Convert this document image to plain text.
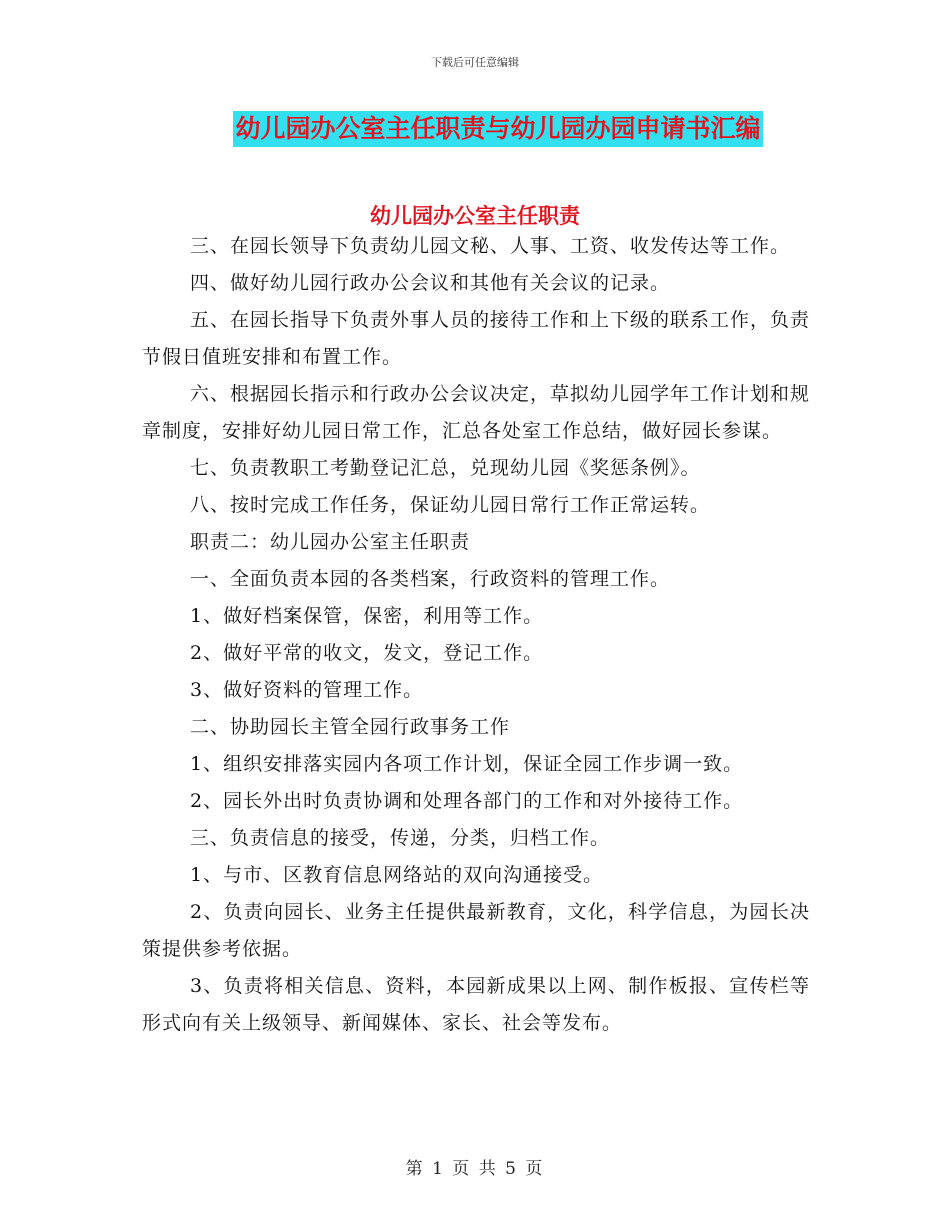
下载后可任意编辑
幼儿园办公室主任职责与幼儿园办园申请书汇编
幼儿园办公室主任职责

三、在园长领导下负责幼儿园文秘、人事、工资、收发传达等工作。

四、做好幼儿园行政办公会议和其他有关会议的记录。

五、在园长指导下负责外事人员的接待工作和上下级的联系工作，负责节假日值班安排和布置工作。

六、根据园长指示和行政办公会议决定，草拟幼儿园学年工作计划和规章制度，安排好幼儿园日常工作，汇总各处室工作总结，做好园长参谋。

七、负责教职工考勤登记汇总，兑现幼儿园《奖惩条例》。

八、按时完成工作任务，保证幼儿园日常行工作正常运转。

职责二：幼儿园办公室主任职责

一、全面负责本园的各类档案，行政资料的管理工作。

1、做好档案保管，保密，利用等工作。

2、做好平常的收文，发文，登记工作。

3、做好资料的管理工作。

二、协助园长主管全园行政事务工作

1、组织安排落实园内各项工作计划，保证全园工作步调一致。

2、园长外出时负责协调和处理各部门的工作和对外接待工作。

三、负责信息的接受，传递，分类，归档工作。

1、与市、区教育信息网络站的双向沟通接受。

2、负责向园长、业务主任提供最新教育，文化，科学信息，为园长决策提供参考依据。

3、负责将相关信息、资料，本园新成果以上网、制作板报、宣传栏等形式向有关上级领导、新闻媒体、家长、社会等发布。

第 1 页 共 5 页
